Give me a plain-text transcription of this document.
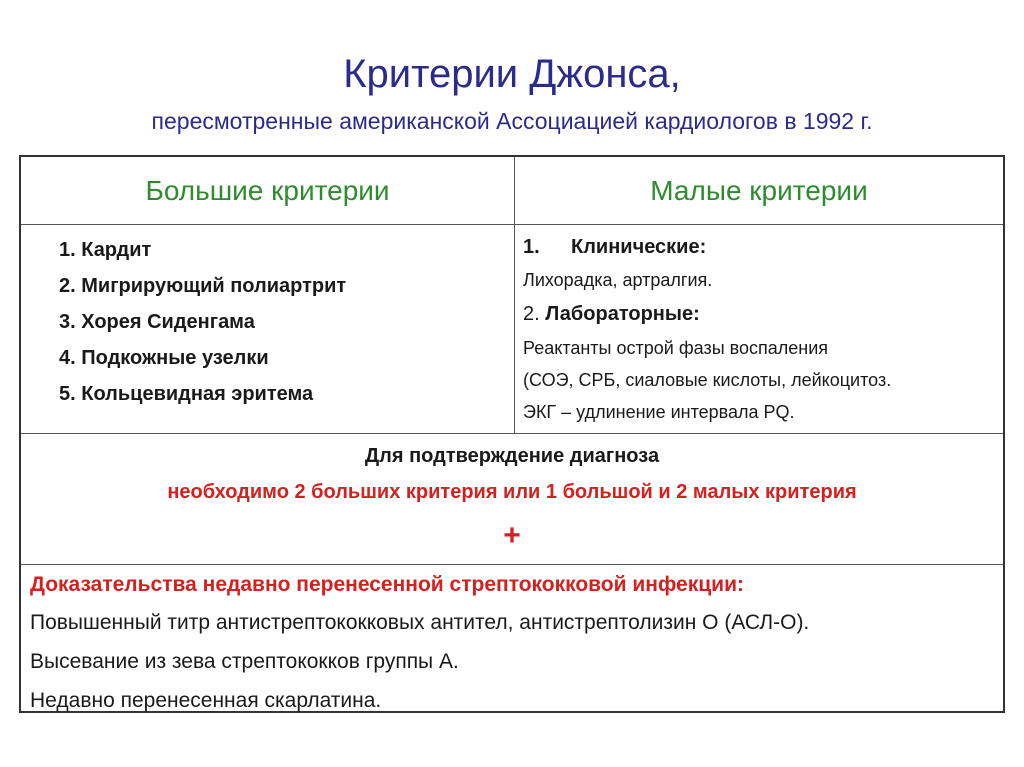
Критерии Джонса,
пересмотренные американской Ассоциацией кардиологов в 1992 г.
Большие критерии	Малые критерии
1. Кардит
2. Мигрирующий полиартрит
3. Хорея Сиденгама
4. Подкожные узелки
5. Кольцевидная эритема
1. Клинические:
Лихорадка, артралгия.
2. Лабораторные:
Реактанты острой фазы воспаления
(СОЭ, СРБ, сиаловые кислоты, лейкоцитоз.
ЭКГ – удлинение интервала PQ.
Для подтверждение диагноза
необходимо 2 больших критерия или 1 большой и 2 малых критерия
+
Доказательства недавно перенесенной стрептококковой инфекции:
Повышенный титр антистрептококковых антител, антистрептолизин О (АСЛ-О).
Высевание из зева стрептококков группы А.
Недавно перенесенная скарлатина.
